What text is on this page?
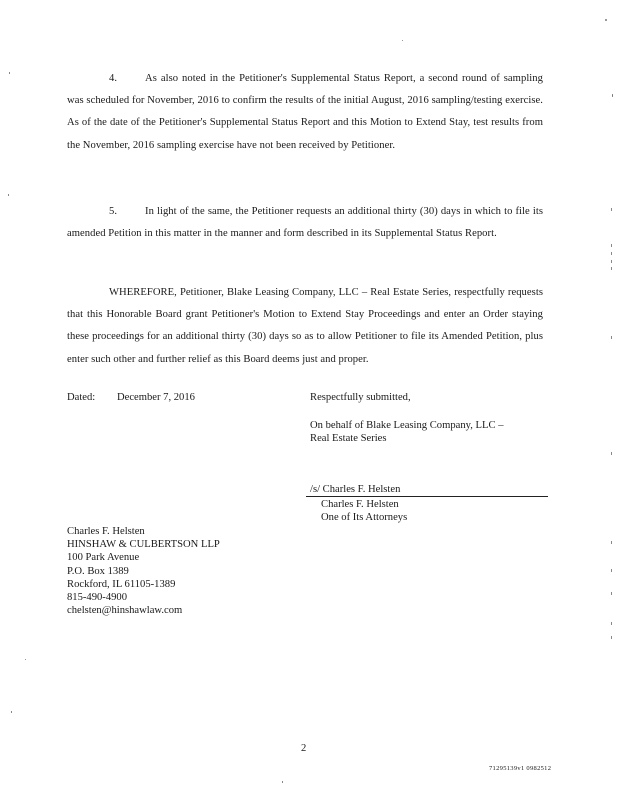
4.	As also noted in the Petitioner's Supplemental Status Report, a second round of sampling was scheduled for November, 2016 to confirm the results of the initial August, 2016 sampling/testing exercise. As of the date of the Petitioner's Supplemental Status Report and this Motion to Extend Stay, test results from the November, 2016 sampling exercise have not been received by Petitioner.

5.	In light of the same, the Petitioner requests an additional thirty (30) days in which to file its amended Petition in this matter in the manner and form described in its Supplemental Status Report.

WHEREFORE, Petitioner, Blake Leasing Company, LLC – Real Estate Series, respectfully requests that this Honorable Board grant Petitioner's Motion to Extend Stay Proceedings and enter an Order staying these proceedings for an additional thirty (30) days so as to allow Petitioner to file its Amended Petition, plus enter such other and further relief as this Board deems just and proper.

Dated: December 7, 2016	Respectfully submitted,
On behalf of Blake Leasing Company, LLC –
Real Estate Series
/s/ Charles F. Helsten
Charles F. Helsten
One of Its Attorneys
Charles F. Helsten
HINSHAW & CULBERTSON LLP
100 Park Avenue
P.O. Box 1389
Rockford, IL 61105-1389
815-490-4900
chelsten@hinshawlaw.com
2
71295139v1 0982512
